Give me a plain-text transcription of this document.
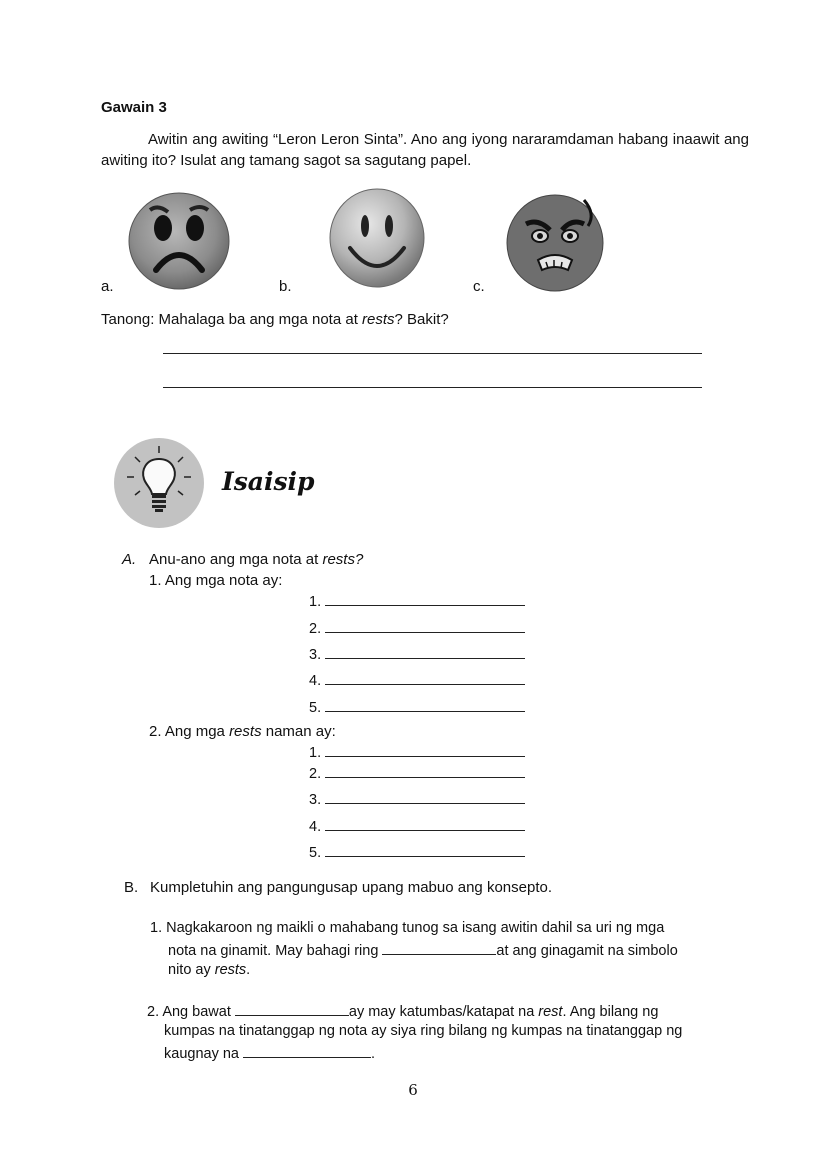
Gawain 3
Awitin ang awiting “Leron Leron Sinta”. Ano ang iyong nararamdaman habang inaawit ang awiting ito? Isulat ang tamang sagot sa sagutang papel.
a.	b.	c.
Tanong: Mahalaga ba ang mga nota at rests? Bakit?
Isaisip
A. Anu-ano ang mga nota at rests?
1. Ang mga nota ay:
1.
2.
3.
4.
5.
2. Ang mga rests naman ay:
1.
2.
3.
4.
5.
B. Kumpletuhin ang pangungusap upang mabuo ang konsepto.
1. Nagkakaroon ng maikli o mahabang tunog sa isang awitin dahil sa uri ng mga
nota na ginamit. May bahagi ring	at ang ginagamit na simbolo
nito ay rests.
2. Ang bawat	ay may katumbas/katapat na rest. Ang bilang ng
kumpas na tinatanggap ng nota ay siya ring bilang ng kumpas na tinatanggap ng
kaugnay na	.
6
